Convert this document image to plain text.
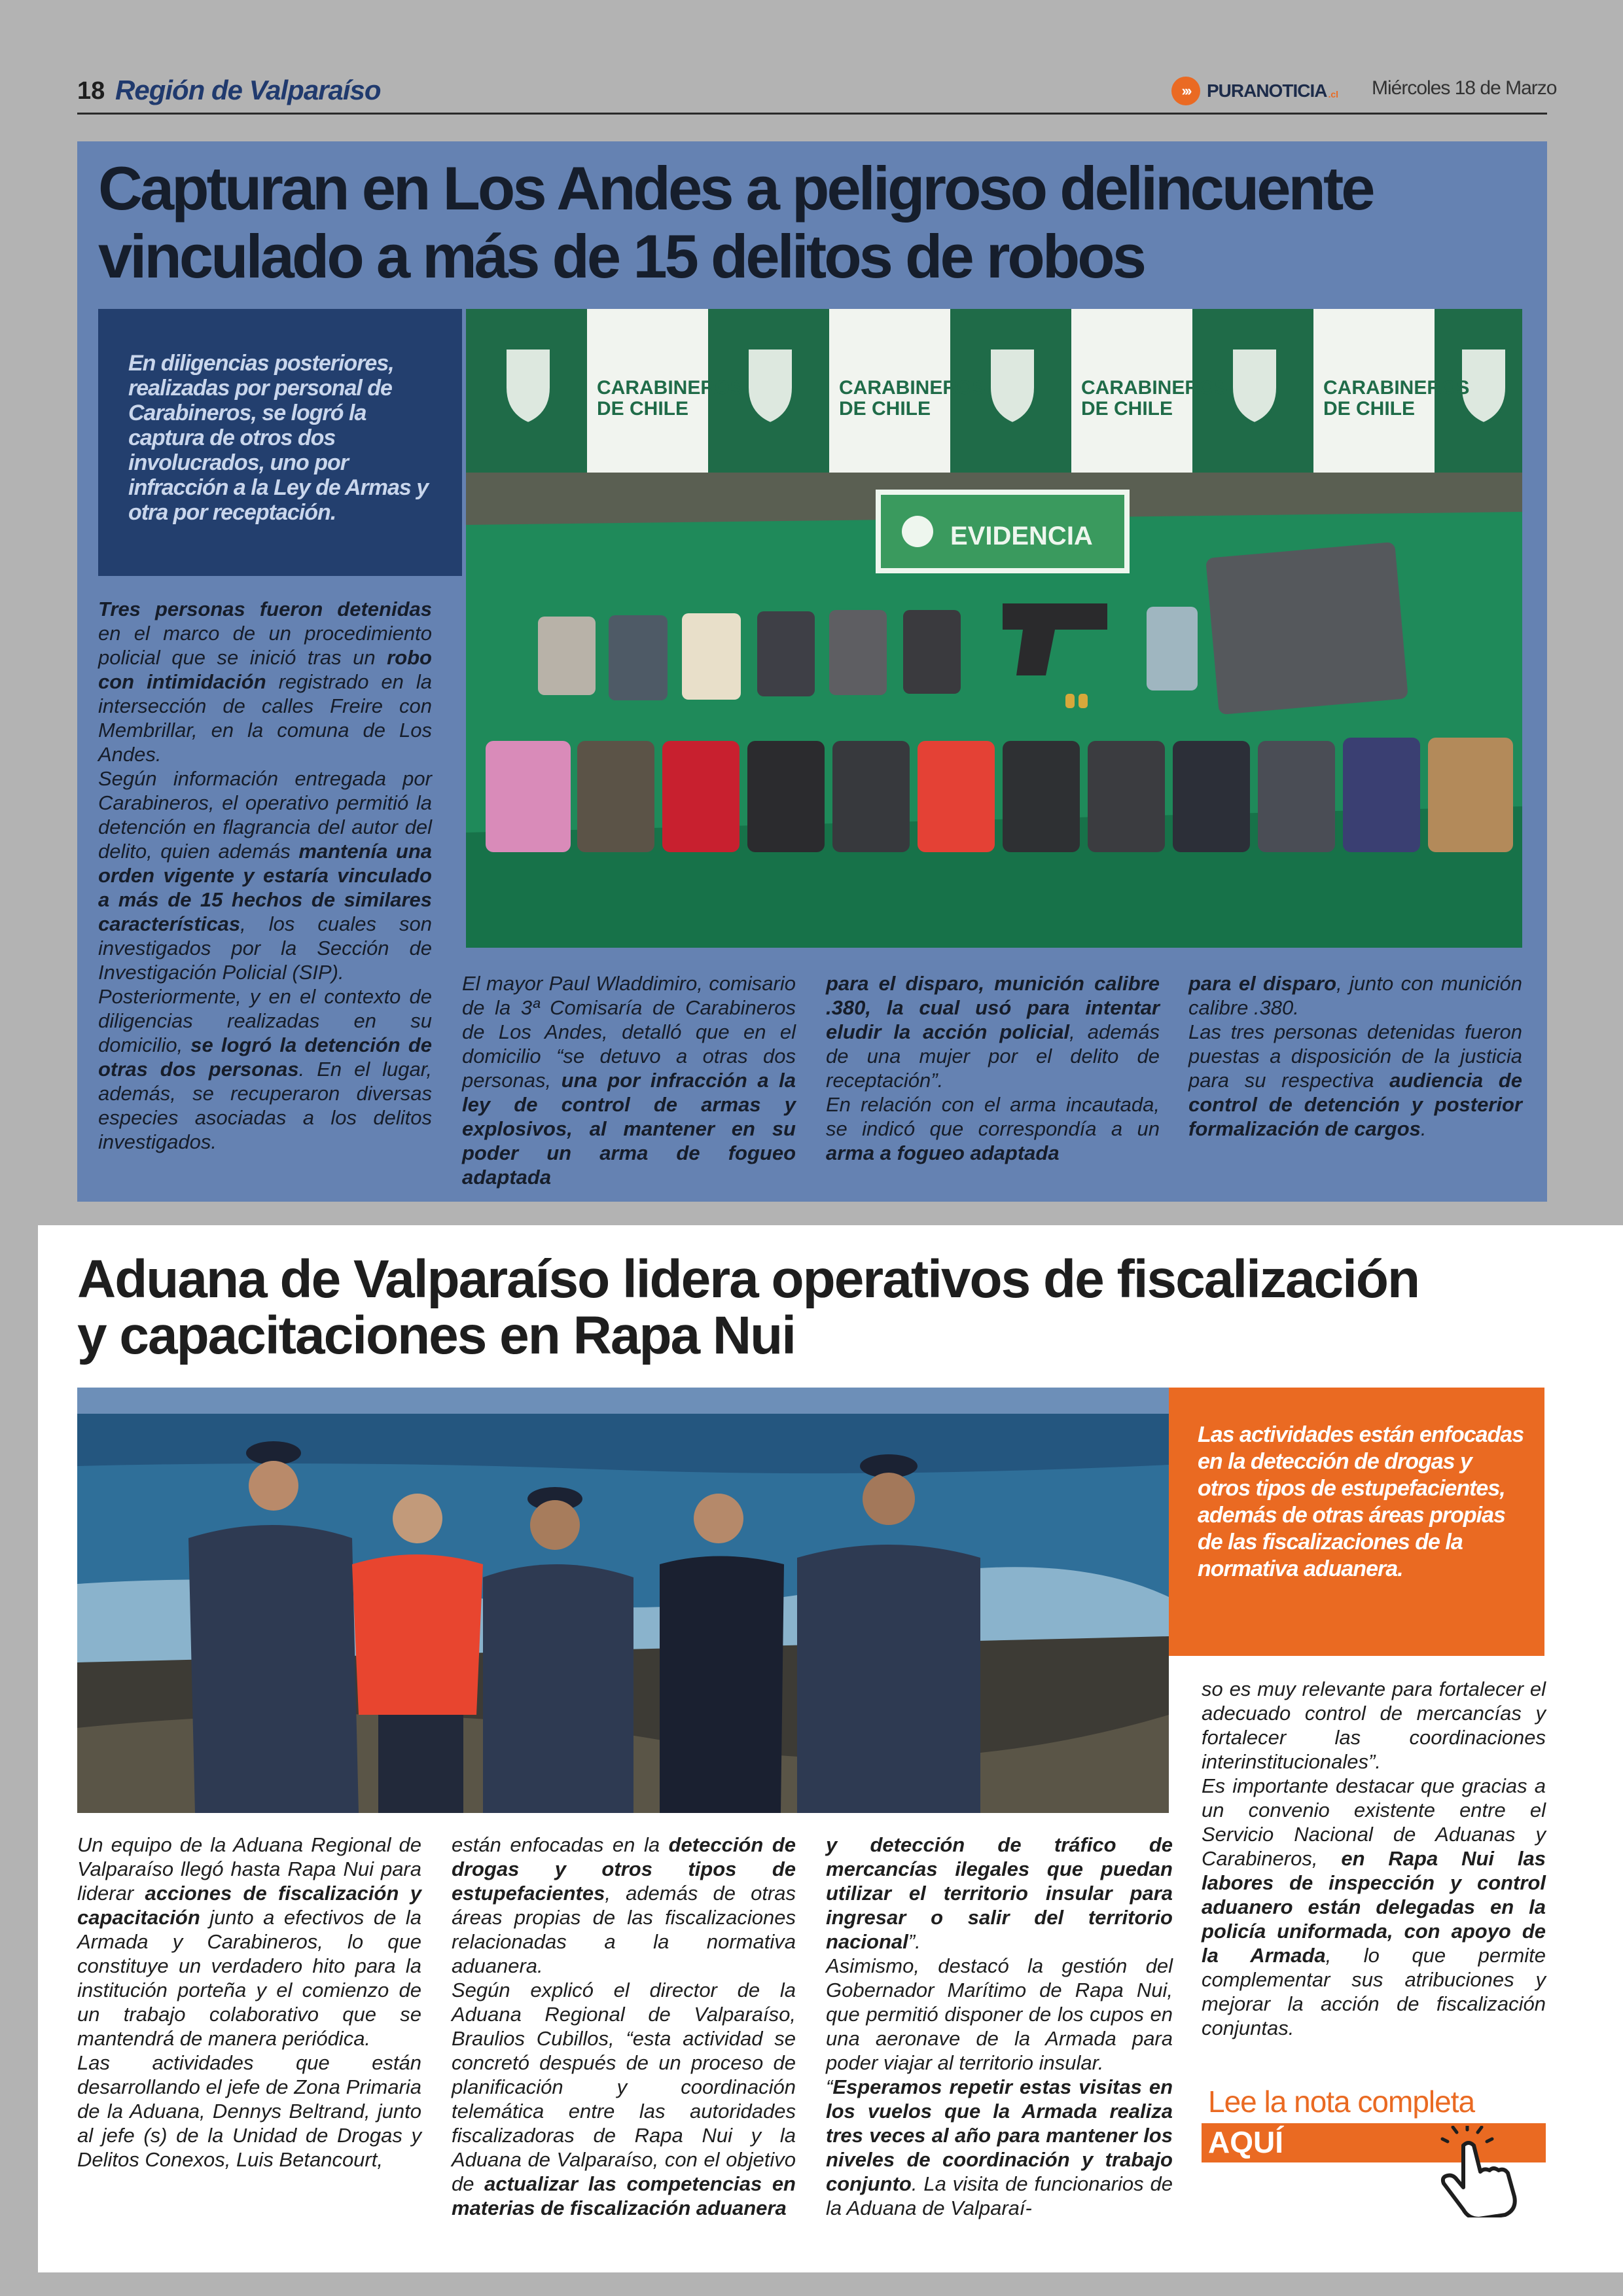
18 Región de Valparaíso	››› PURANOTICIA .cl Miércoles 18 de Marzo
Capturan en Los Andes a peligroso delincuente
vinculado a más de 15 delitos de robos
En diligencias posteriores, realizadas por personal de Carabineros, se logró la captura de otros dos involucrados, uno por infracción a la Ley de Armas y otra por receptación.
CARABINEROS
DE CHILE
CARABINEROS
DE CHILE
CARABINEROS
DE CHILE
CARABINEROS
DE CHILE
EVIDENCIA

Tres personas fueron detenidas en el marco de un procedimiento policial que se inició tras un robo con intimidación registrado en la intersección de calles Freire con Membrillar, en la comuna de Los Andes.

Según información entregada por Carabineros, el operativo permitió la detención en flagrancia del autor del delito, quien además mantenía una orden vigente y estaría vinculado a más de 15 hechos de similares características, los cuales son investigados por la Sección de Investigación Policial (SIP).

Posteriormente, y en el contexto de diligencias realizadas en su domicilio, se logró la detención de otras dos personas. En el lugar, además, se recuperaron diversas especies asociadas a los delitos investigados.

El mayor Paul Wladdimiro, comisario de la 3ª Comisaría de Carabineros de Los Andes, detalló que en el domicilio “se detuvo a otras dos personas, una por infracción a la ley de control de armas y explosivos, al mantener en su poder un arma de fogueo adaptada

para el disparo, munición calibre .380, la cual usó para intentar eludir la acción policial, además de una mujer por el delito de receptación”.

En relación con el arma incautada, se indicó que correspondía a un arma a fogueo adaptada

para el disparo, junto con munición calibre .380.

Las tres personas detenidas fueron puestas a disposición de la justicia para su respectiva audiencia de control de detención y posterior formalización de cargos.

Aduana de Valparaíso lidera operativos de fiscalización
y capacitaciones en Rapa Nui
Las actividades están enfocadas en la detección de drogas y otros tipos de estupefacientes, además de otras áreas propias de las fiscalizaciones de la normativa aduanera.

Un equipo de la Aduana Regional de Valparaíso llegó hasta Rapa Nui para liderar acciones de fiscalización y capacitación junto a efectivos de la Armada y Carabineros, lo que constituye un verdadero hito para la institución porteña y el comienzo de un trabajo colaborativo que se mantendrá de manera periódica.

Las actividades que están desarrollando el jefe de Zona Primaria de la Aduana, Dennys Beltrand, junto al jefe (s) de la Unidad de Drogas y Delitos Conexos, Luis Betancourt,

están enfocadas en la detección de drogas y otros tipos de estupefacientes, además de otras áreas propias de las fiscalizaciones relacionadas a la normativa aduanera.

Según explicó el director de la Aduana Regional de Valparaíso, Braulios Cubillos, “esta actividad se concretó después de un proceso de planificación y coordinación telemática entre las autoridades fiscalizadoras de Rapa Nui y la Aduana de Valparaíso, con el objetivo de actualizar las competencias en materias de fiscalización aduanera

y detección de tráfico de mercancías ilegales que puedan utilizar el territorio insular para ingresar o salir del territorio nacional”.

Asimismo, destacó la gestión del Gobernador Marítimo de Rapa Nui, que permitió disponer de los cupos en una aeronave de la Armada para poder viajar al territorio insular.

“Esperamos repetir estas visitas en los vuelos que la Armada realiza tres veces al año para mantener los niveles de coordinación y trabajo conjunto. La visita de funcionarios de la Aduana de Valparaí-

so es muy relevante para fortalecer el adecuado control de mercancías y fortalecer las coordinaciones interinstitucionales”.

Es importante destacar que gracias a un convenio existente entre el Servicio Nacional de Aduanas y Carabineros, en Rapa Nui las labores de inspección y control aduanero están delegadas en la policía uniformada, con apoyo de la Armada, lo que permite complementar sus atribuciones y mejorar la acción de fiscalización conjuntas.

Lee la nota completa
AQUÍ
